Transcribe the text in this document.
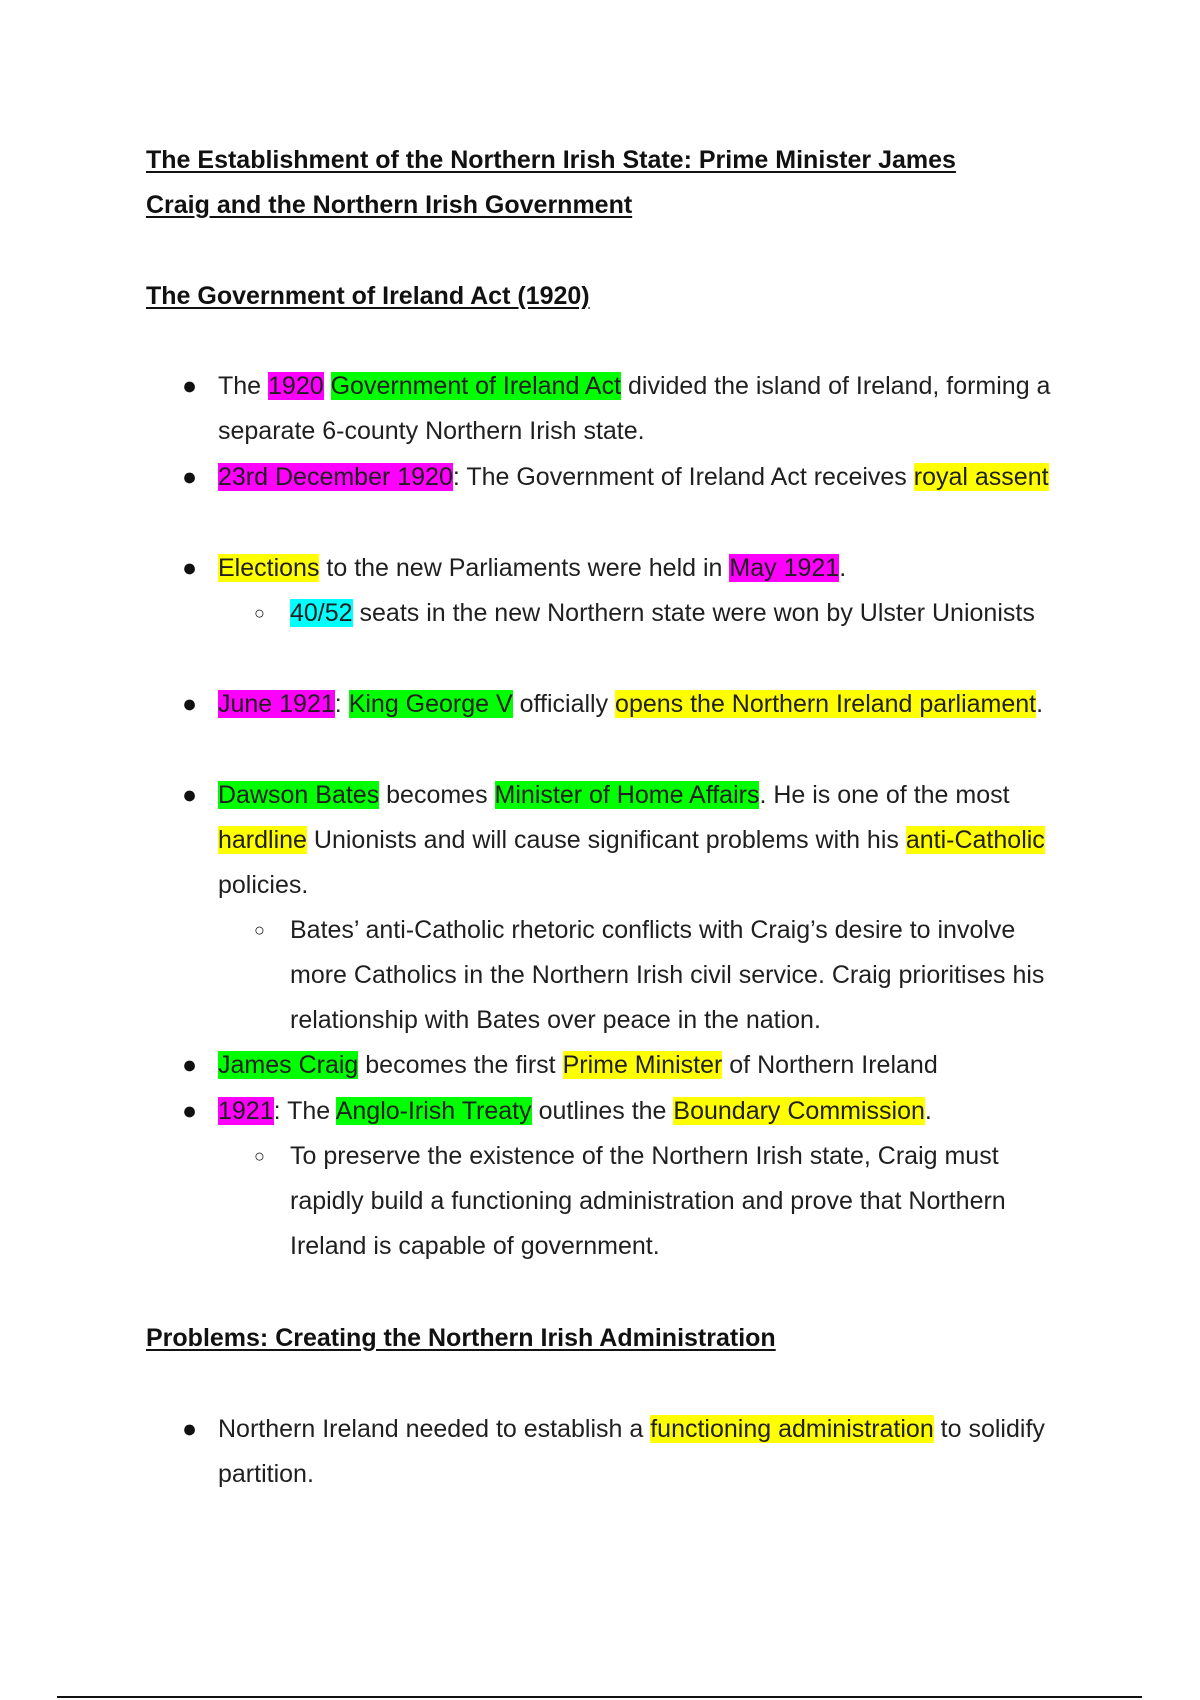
The Establishment of the Northern Irish State: Prime Minister James
Craig and the Northern Irish Government
The Government of Ireland Act (1920)
● The 1920 Government of Ireland Act divided the island of Ireland, forming a separate 6-county Northern Irish state.
● 23rd December 1920: The Government of Ireland Act receives royal assent
● Elections to the new Parliaments were held in May 1921.
○ 40/52 seats in the new Northern state were won by Ulster Unionists
● June 1921: King George V officially opens the Northern Ireland parliament.
● Dawson Bates becomes Minister of Home Affairs. He is one of the most hardline Unionists and will cause significant problems with his anti-Catholic policies.
○ Bates’ anti-Catholic rhetoric conflicts with Craig’s desire to involve more Catholics in the Northern Irish civil service. Craig prioritises his relationship with Bates over peace in the nation.
● James Craig becomes the first Prime Minister of Northern Ireland
● 1921: The Anglo-Irish Treaty outlines the Boundary Commission.
○ To preserve the existence of the Northern Irish state, Craig must rapidly build a functioning administration and prove that Northern Ireland is capable of government.
Problems: Creating the Northern Irish Administration
● Northern Ireland needed to establish a functioning administration to solidify partition.
